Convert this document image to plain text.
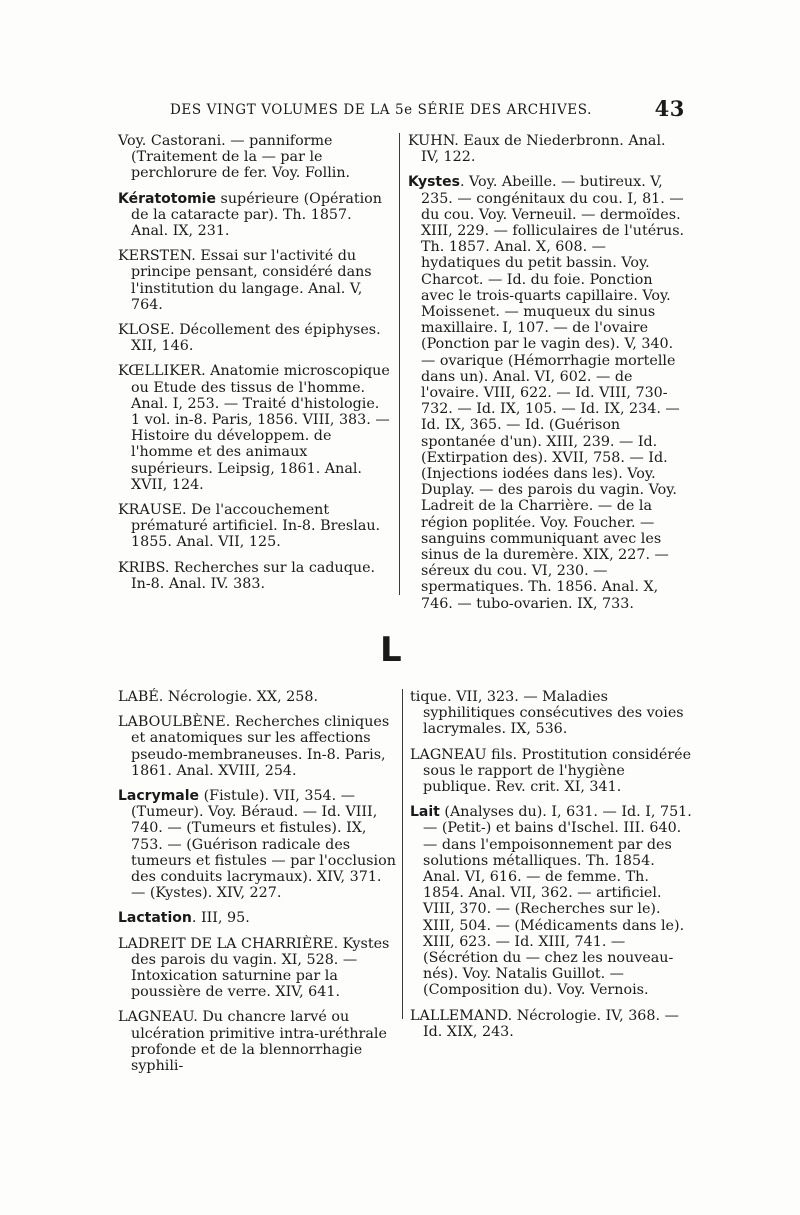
DES VINGT VOLUMES DE LA 5e SÉRIE DES ARCHIVES.	43

Voy. Castorani. — panniforme (Traitement de la — par le perchlorure de fer. Voy. Follin.

Kératotomie supérieure (Opération de la cataracte par). Th. 1857. Anal. IX, 231.

KERSTEN. Essai sur l'activité du principe pensant, considéré dans l'institution du langage. Anal. V, 764.

KLOSE. Décollement des épiphyses. XII, 146.

KŒLLIKER. Anatomie microscopique ou Etude des tissus de l'homme. Anal. I, 253. — Traité d'histologie. 1 vol. in-8. Paris, 1856. VIII, 383. — Histoire du développem. de l'homme et des animaux supérieurs. Leipsig, 1861. Anal. XVII, 124.

KRAUSE. De l'accouchement prématuré artificiel. In-8. Breslau. 1855. Anal. VII, 125.

KRIBS. Recherches sur la caduque. In-8. Anal. IV. 383.

KUHN. Eaux de Niederbronn. Anal. IV, 122.

Kystes. Voy. Abeille. — butireux. V, 235. — congénitaux du cou. I, 81. — du cou. Voy. Verneuil. — dermoïdes. XIII, 229. — folliculaires de l'utérus. Th. 1857. Anal. X, 608. — hydatiques du petit bassin. Voy. Charcot. — Id. du foie. Ponction avec le trois-quarts capillaire. Voy. Moissenet. — muqueux du sinus maxillaire. I, 107. — de l'ovaire (Ponction par le vagin des). V, 340. — ovarique (Hémorrhagie mortelle dans un). Anal. VI, 602. — de l'ovaire. VIII, 622. — Id. VIII, 730-732. — Id. IX, 105. — Id. IX, 234. — Id. IX, 365. — Id. (Guérison spontanée d'un). XIII, 239. — Id. (Extirpation des). XVII, 758. — Id. (Injections iodées dans les). Voy. Duplay. — des parois du vagin. Voy. Ladreit de la Charrière. — de la région poplitée. Voy. Foucher. — sanguins communiquant avec les sinus de la duremère. XIX, 227. — séreux du cou. VI, 230. — spermatiques. Th. 1856. Anal. X, 746. — tubo-ovarien. IX, 733.

L

LABÉ. Nécrologie. XX, 258.

LABOULBÈNE. Recherches cliniques et anatomiques sur les affections pseudo-membraneuses. In-8. Paris, 1861. Anal. XVIII, 254.

Lacrymale (Fistule). VII, 354. — (Tumeur). Voy. Béraud. — Id. VIII, 740. — (Tumeurs et fistules). IX, 753. — (Guérison radicale des tumeurs et fistules — par l'occlusion des conduits lacrymaux). XIV, 371. — (Kystes). XIV, 227.

Lactation. III, 95.

LADREIT DE LA CHARRIÈRE. Kystes des parois du vagin. XI, 528. — Intoxication saturnine par la poussière de verre. XIV, 641.

LAGNEAU. Du chancre larvé ou ulcération primitive intra-uréthrale profonde et de la blennorrhagie syphili-

tique. VII, 323. — Maladies syphilitiques consécutives des voies lacrymales. IX, 536.

LAGNEAU fils. Prostitution considérée sous le rapport de l'hygiène publique. Rev. crit. XI, 341.

Lait (Analyses du). I, 631. — Id. I, 751. — (Petit-) et bains d'Ischel. III. 640. — dans l'empoisonnement par des solutions métalliques. Th. 1854. Anal. VI, 616. — de femme. Th. 1854. Anal. VII, 362. — artificiel. VIII, 370. — (Recherches sur le). XIII, 504. — (Médicaments dans le). XIII, 623. — Id. XIII, 741. — (Sécrétion du — chez les nouveau-nés). Voy. Natalis Guillot. — (Composition du). Voy. Vernois.

LALLEMAND. Nécrologie. IV, 368. — Id. XIX, 243.
